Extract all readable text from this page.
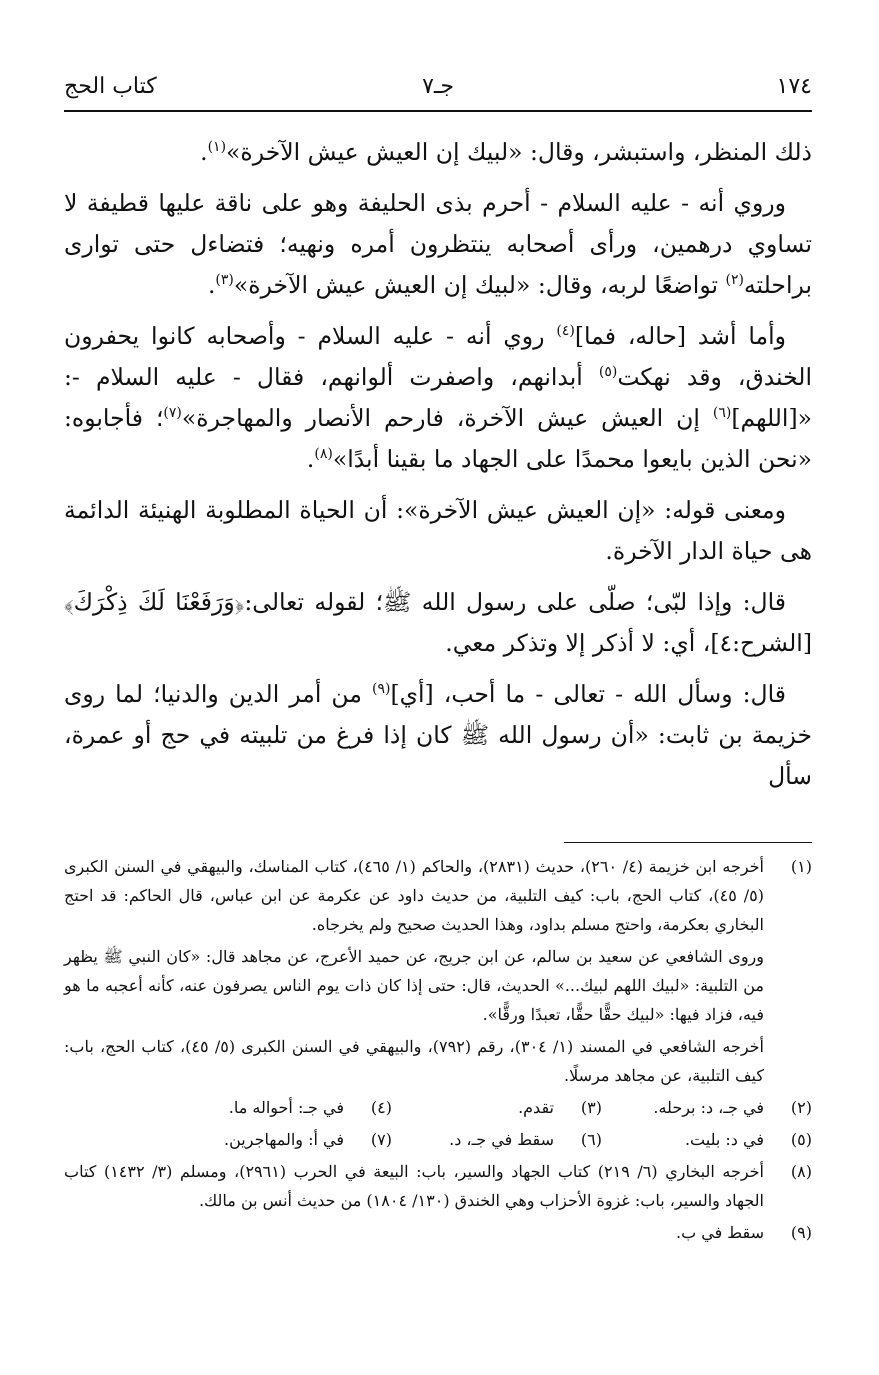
١٧٤
جـ٧
كتاب الحج

ذلك المنظر، واستبشر، وقال: «لبيك إن العيش عيش الآخرة»$^{(١)}$.

وروي أنه - عليه السلام - أحرم بذى الحليفة وهو على ناقة عليها قطيفة لا تساوي درهمين، ورأى أصحابه ينتظرون أمره ونهيه؛ فتضاءل حتى توارى براحلته$^{(٢)}$ تواضعًا لربه، وقال: «لبيك إن العيش عيش الآخرة»$^{(٣)}$.

وأما أشد [حاله، فما]$^{(٤)}$ روي أنه - عليه السلام - وأصحابه كانوا يحفرون الخندق، وقد نهكت$^{(٥)}$ أبدانهم، واصفرت ألوانهم، فقال - عليه السلام -: «[اللهم]$^{(٦)}$ إن العيش عيش الآخرة، فارحم الأنصار والمهاجرة»$^{(٧)}$؛ فأجابوه: «نحن الذين بايعوا محمدًا على الجهاد ما بقينا أبدًا»$^{(٨)}$.

ومعنى قوله: «إن العيش عيش الآخرة»: أن الحياة المطلوبة الهنيئة الدائمة هى حياة الدار الآخرة.

قال: وإذا لبّى؛ صلّى على رسول الله ﷺ؛ لقوله تعالى:﴿وَرَفَعْنَا لَكَ ذِكْرَكَ﴾ [الشرح:٤]، أي: لا أذكر إلا وتذكر معي.

قال: وسأل الله - تعالى - ما أحب، [أي]$^{(٩)}$ من أمر الدين والدنيا؛ لما روى خزيمة بن ثابت: «أن رسول الله ﷺ كان إذا فرغ من تلبيته في حج أو عمرة، سأل

(١)
أخرجه ابن خزيمة (٤/ ٢٦٠)، حديث (٢٨٣١)، والحاكم (١/ ٤٦٥)، كتاب المناسك، والبيهقي في السنن الكبرى (٥/ ٤٥)، كتاب الحج، باب: كيف التلبية، من حديث داود عن عكرمة عن ابن عباس، قال الحاكم: قد احتج البخاري بعكرمة، واحتج مسلم بداود، وهذا الحديث صحيح ولم يخرجاه.
وروى الشافعي عن سعيد بن سالم، عن ابن جريج، عن حميد الأعرج، عن مجاهد قال: «كان النبي ﷺ يظهر من التلبية: «لبيك اللهم لبيك...» الحديث، قال: حتى إذا كان ذات يوم الناس يصرفون عنه، كأنه أعجبه ما هو فيه، فزاد فيها: «لبيك حقًّا حقًّا، تعبدًا ورقًّا».
أخرجه الشافعي في المسند (١/ ٣٠٤)، رقم (٧٩٢)، والبيهقي في السنن الكبرى (٥/ ٤٥)، كتاب الحج، باب: كيف التلبية، عن مجاهد مرسلًا.
(٢)
في جـ، د: برحله.
(٣)
تقدم.
(٤)
في جـ: أحواله ما.
(٥)
في د: بليت.
(٦)
سقط في جـ، د.
(٧)
في أ: والمهاجرين.
(٨)
أخرجه البخاري (٦/ ٢١٩) كتاب الجهاد والسير، باب: البيعة في الحرب (٢٩٦١)، ومسلم (٣/ ١٤٣٢) كتاب الجهاد والسير، باب: غزوة الأحزاب وهي الخندق (١٣٠/ ١٨٠٤) من حديث أنس بن مالك.
(٩)
سقط في ب.
